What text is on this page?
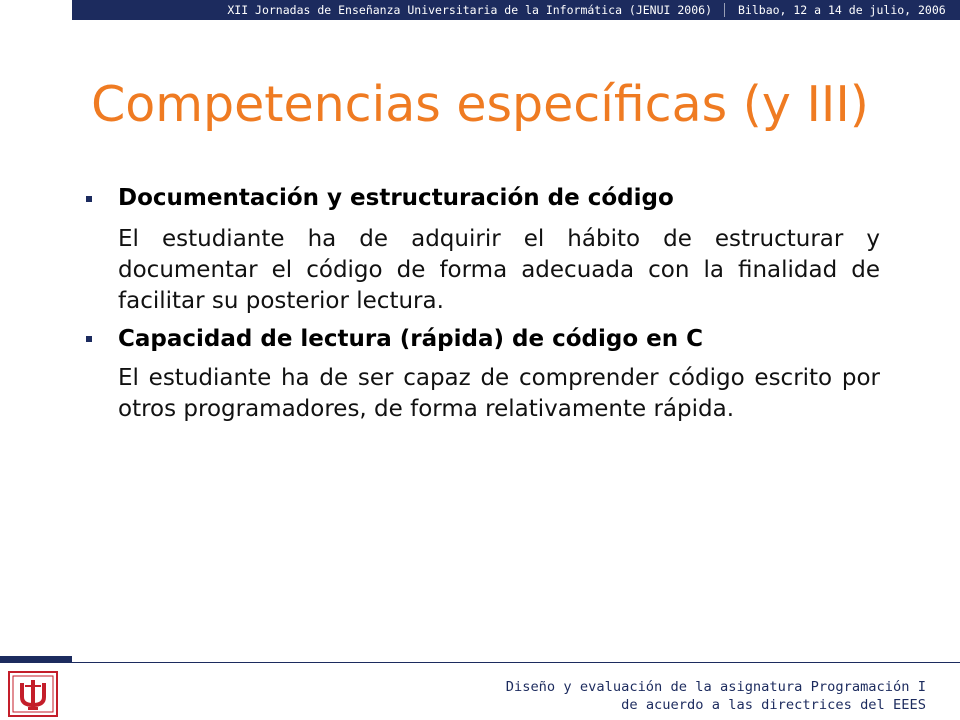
XII Jornadas de Enseñanza Universitaria de la Informática (JENUI 2006) Bilbao, 12 a 14 de julio, 2006
Competencias específicas (y III)
Documentación y estructuración de código
El estudiante ha de adquirir el hábito de estructurar y
documentar el código de forma adecuada con la finalidad de
facilitar su posterior lectura.
Capacidad de lectura (rápida) de código en C
El estudiante ha de ser capaz de comprender código escrito por
otros programadores, de forma relativamente rápida.
Diseño y evaluación de la asignatura Programación I
de acuerdo a las directrices del EEES
